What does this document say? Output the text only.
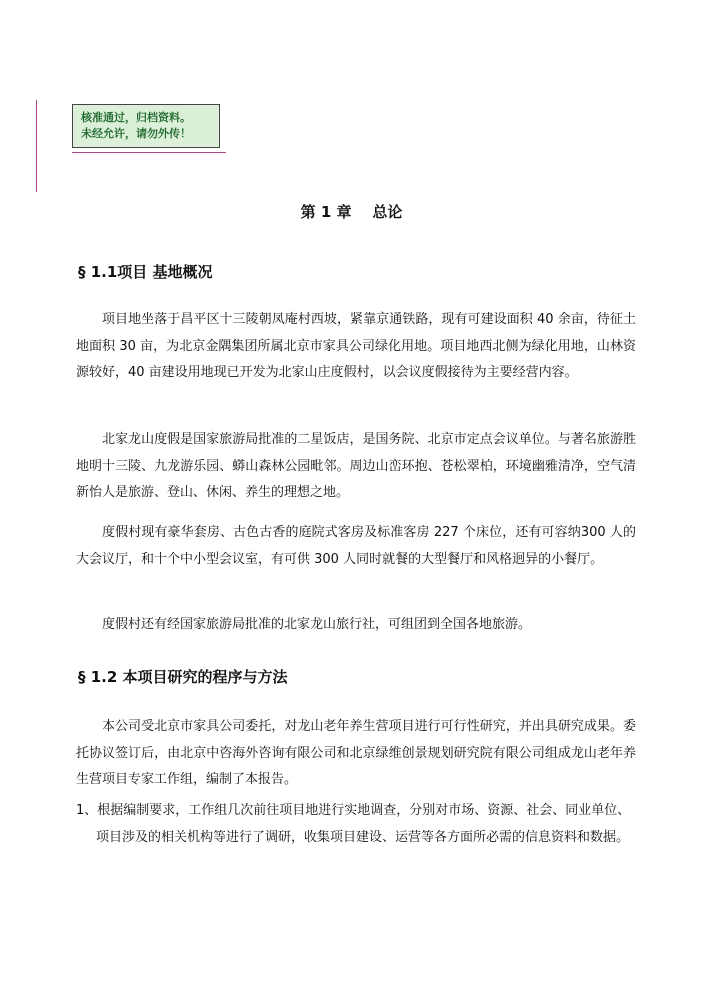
核准通过，归档资料。
未经允许，请勿外传！
第 1 章    总论
§ 1.1项目 基地概况
项目地坐落于昌平区十三陵朝凤庵村西坡，紧靠京通铁路，现有可建设面积 40 余亩，待征土地面积 30 亩，为北京金隅集团所属北京市家具公司绿化用地。项目地西北侧为绿化用地，山林资源较好，40 亩建设用地现已开发为北家山庄度假村，以会议度假接待为主要经营内容。
北家龙山度假是国家旅游局批准的二星饭店，是国务院、北京市定点会议单位。与著名旅游胜地明十三陵、九龙游乐园、蟒山森林公园毗邻。周边山峦环抱、苍松翠柏，环境幽雅清净，空气清新怡人是旅游、登山、休闲、养生的理想之地。
度假村现有豪华套房、古色古香的庭院式客房及标准客房 227 个床位，还有可容纳300 人的大会议厅，和十个中小型会议室，有可供 300 人同时就餐的大型餐厅和风格迥异的小餐厅。
度假村还有经国家旅游局批准的北家龙山旅行社，可组团到全国各地旅游。
§ 1.2 本项目研究的程序与方法
本公司受北京市家具公司委托，对龙山老年养生营项目进行可行性研究，并出具研究成果。委托协议签订后，由北京中咨海外咨询有限公司和北京绿维创景规划研究院有限公司组成龙山老年养生营项目专家工作组，编制了本报告。
1、根据编制要求，工作组几次前往项目地进行实地调查，分别对市场、资源、社会、同业单位、项目涉及的相关机构等进行了调研，收集项目建设、运营等各方面所必需的信息资料和数据。
